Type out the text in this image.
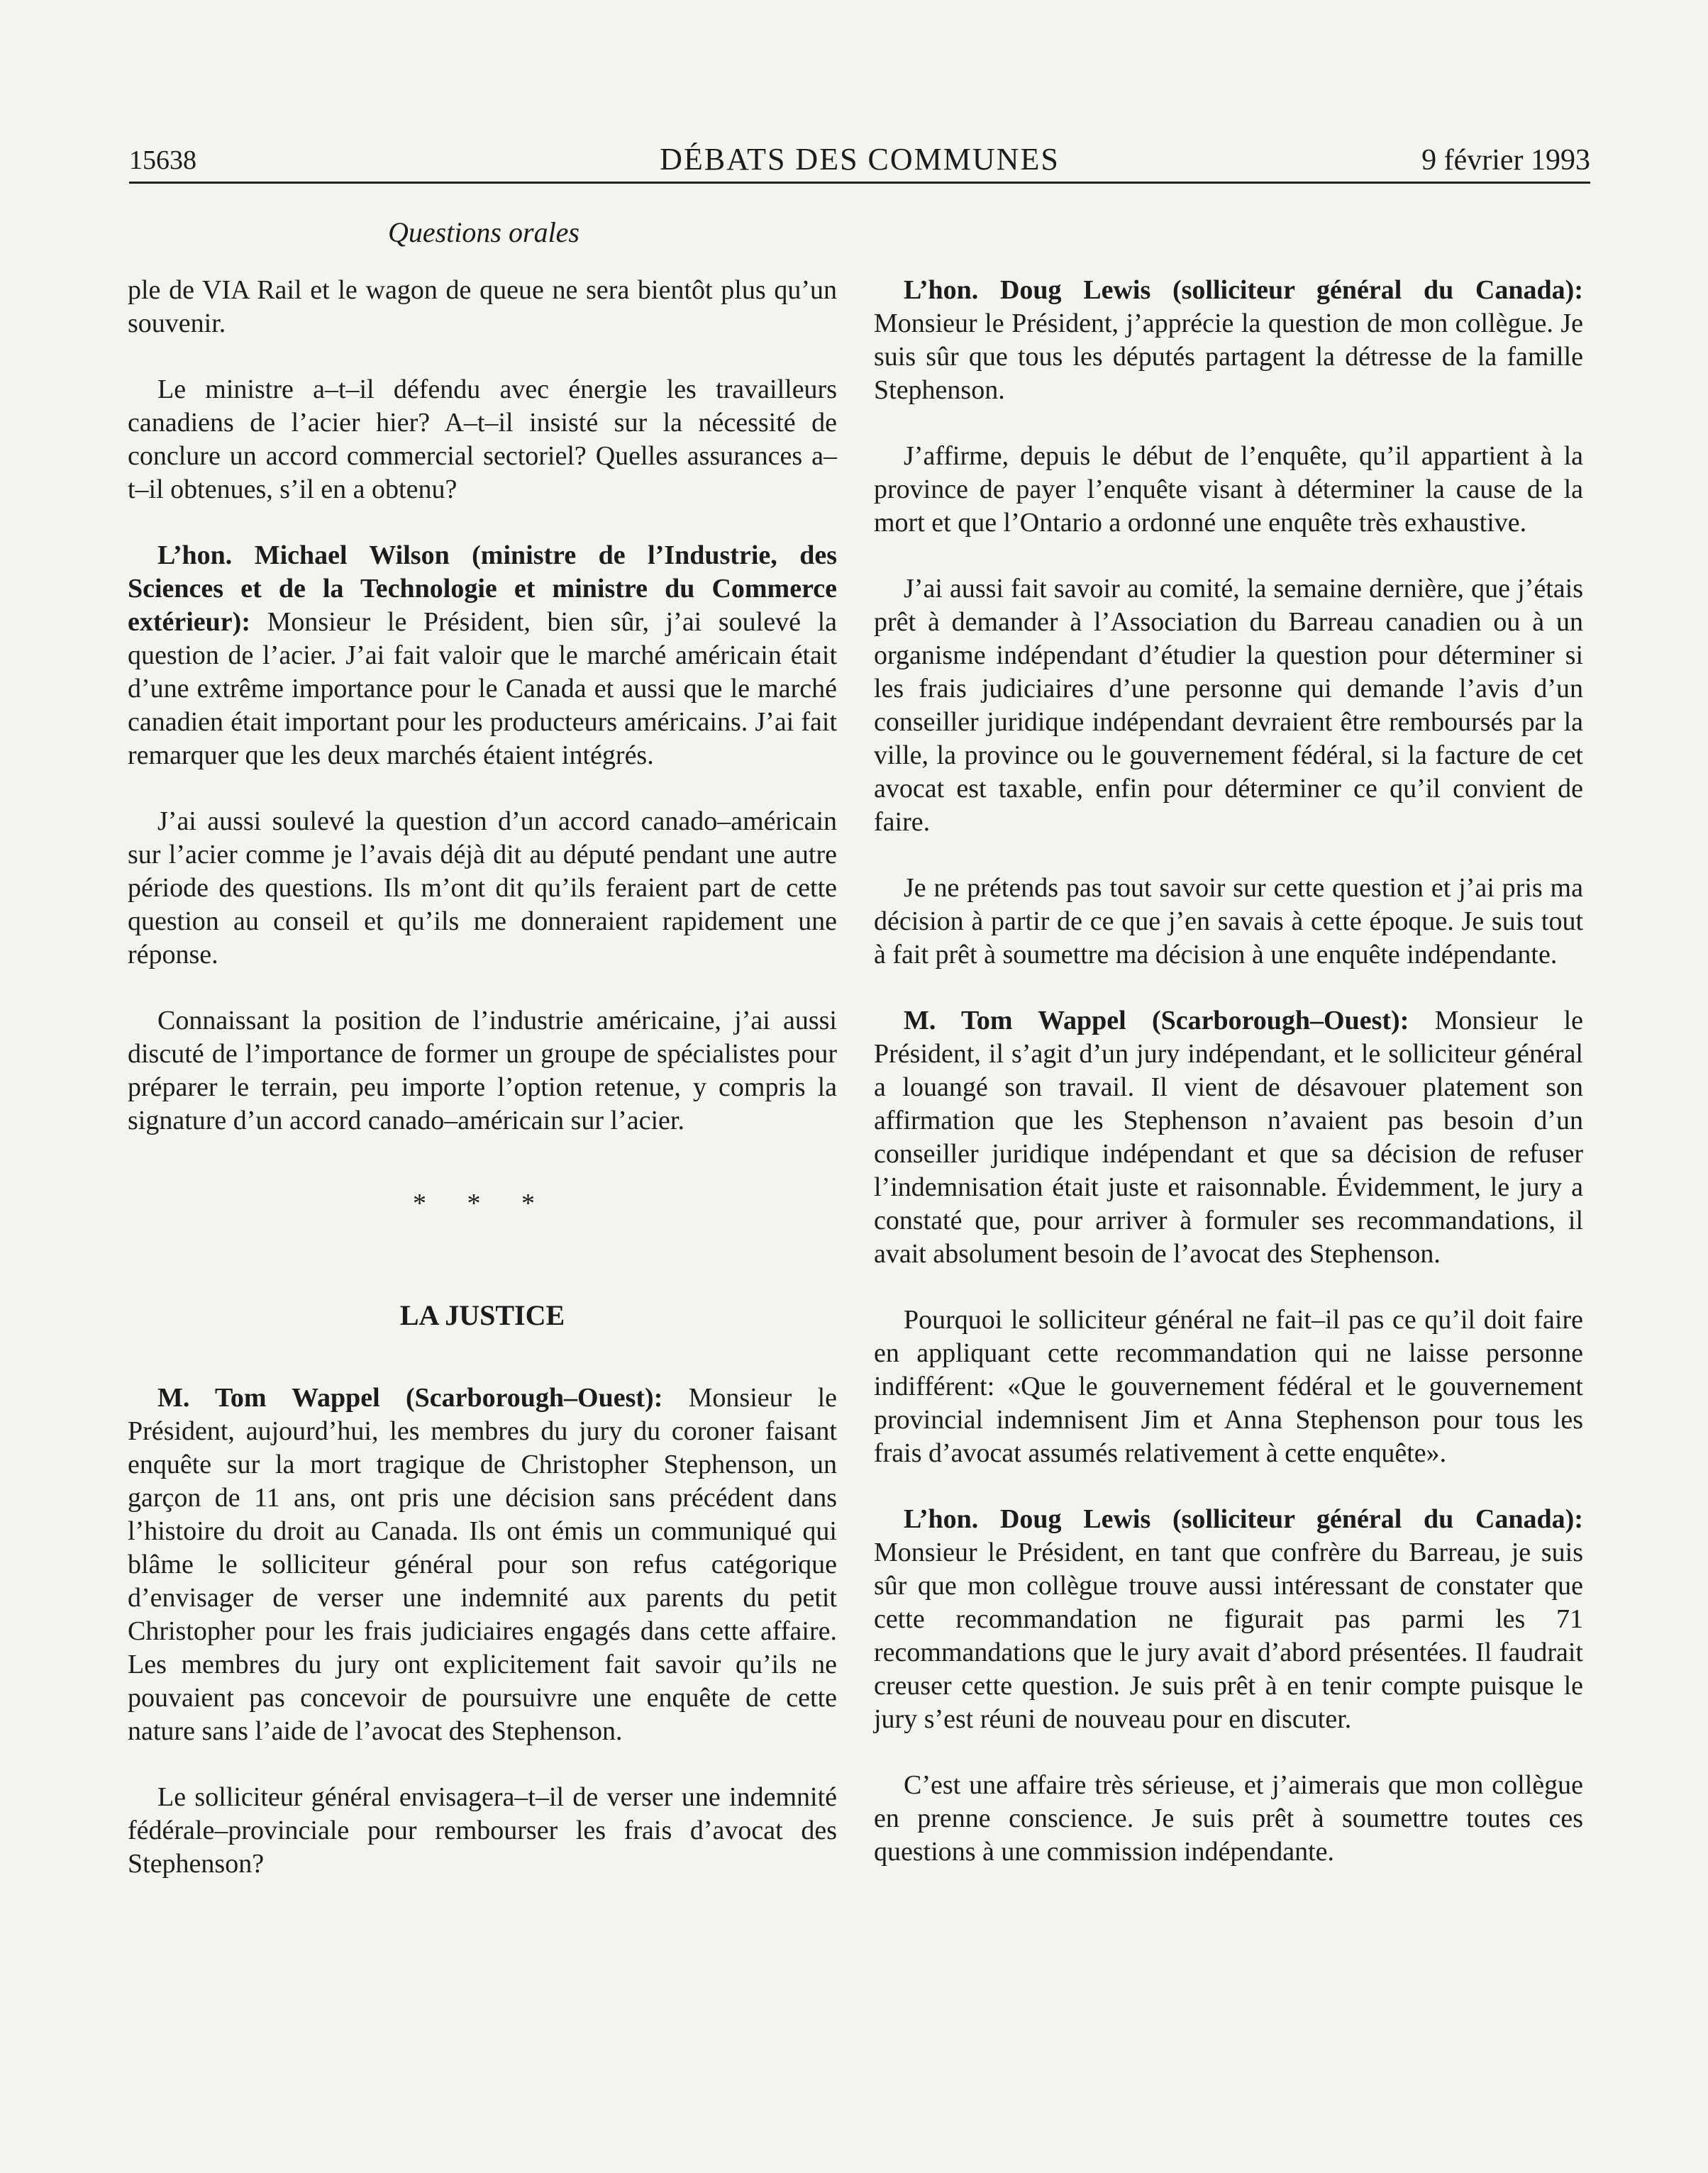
15638	DÉBATS DES COMMUNES	9 février 1993
Questions orales

ple de VIA Rail et le wagon de queue ne sera bientôt plus qu’un souvenir.

Le ministre a–t–il défendu avec énergie les travailleurs canadiens de l’acier hier? A–t–il insisté sur la nécessité de conclure un accord commercial sectoriel? Quelles assurances a–t–il obtenues, s’il en a obtenu?

L’hon. Michael Wilson (ministre de l’Industrie, des Sciences et de la Technologie et ministre du Commerce extérieur): Monsieur le Président, bien sûr, j’ai soulevé la question de l’acier. J’ai fait valoir que le marché américain était d’une extrême importance pour le Canada et aussi que le marché canadien était important pour les producteurs américains. J’ai fait remarquer que les deux marchés étaient intégrés.

J’ai aussi soulevé la question d’un accord canado–américain sur l’acier comme je l’avais déjà dit au député pendant une autre période des questions. Ils m’ont dit qu’ils feraient part de cette question au conseil et qu’ils me donneraient rapidement une réponse.

Connaissant la position de l’industrie américaine, j’ai aussi discuté de l’importance de former un groupe de spécialistes pour préparer le terrain, peu importe l’option retenue, y compris la signature d’un accord canado–américain sur l’acier.

* * *
LA JUSTICE

M. Tom Wappel (Scarborough–Ouest): Monsieur le Président, aujourd’hui, les membres du jury du coroner faisant enquête sur la mort tragique de Christopher Stephenson, un garçon de 11 ans, ont pris une décision sans précédent dans l’histoire du droit au Canada. Ils ont émis un communiqué qui blâme le solliciteur général pour son refus catégorique d’envisager de verser une indemnité aux parents du petit Christopher pour les frais judiciaires engagés dans cette affaire. Les membres du jury ont explicitement fait savoir qu’ils ne pouvaient pas concevoir de poursuivre une enquête de cette nature sans l’aide de l’avocat des Stephenson.

Le solliciteur général envisagera–t–il de verser une indemnité fédérale–provinciale pour rembourser les frais d’avocat des Stephenson?

L’hon. Doug Lewis (solliciteur général du Canada): Monsieur le Président, j’apprécie la question de mon collègue. Je suis sûr que tous les députés partagent la détresse de la famille Stephenson.

J’affirme, depuis le début de l’enquête, qu’il appartient à la province de payer l’enquête visant à déterminer la cause de la mort et que l’Ontario a ordonné une enquête très exhaustive.

J’ai aussi fait savoir au comité, la semaine dernière, que j’étais prêt à demander à l’Association du Barreau canadien ou à un organisme indépendant d’étudier la question pour déterminer si les frais judiciaires d’une personne qui demande l’avis d’un conseiller juridique indépendant devraient être remboursés par la ville, la province ou le gouvernement fédéral, si la facture de cet avocat est taxable, enfin pour déterminer ce qu’il convient de faire.

Je ne prétends pas tout savoir sur cette question et j’ai pris ma décision à partir de ce que j’en savais à cette époque. Je suis tout à fait prêt à soumettre ma décision à une enquête indépendante.

M. Tom Wappel (Scarborough–Ouest): Monsieur le Président, il s’agit d’un jury indépendant, et le solliciteur général a louangé son travail. Il vient de désavouer platement son affirmation que les Stephenson n’avaient pas besoin d’un conseiller juridique indépendant et que sa décision de refuser l’indemnisation était juste et raisonnable. Évidemment, le jury a constaté que, pour arriver à formuler ses recommandations, il avait absolument besoin de l’avocat des Stephenson.

Pourquoi le solliciteur général ne fait–il pas ce qu’il doit faire en appliquant cette recommandation qui ne laisse personne indifférent: «Que le gouvernement fédéral et le gouvernement provincial indemnisent Jim et Anna Stephenson pour tous les frais d’avocat assumés relativement à cette enquête».

L’hon. Doug Lewis (solliciteur général du Canada): Monsieur le Président, en tant que confrère du Barreau, je suis sûr que mon collègue trouve aussi intéressant de constater que cette recommandation ne figurait pas parmi les 71 recommandations que le jury avait d’abord présentées. Il faudrait creuser cette question. Je suis prêt à en tenir compte puisque le jury s’est réuni de nouveau pour en discuter.

C’est une affaire très sérieuse, et j’aimerais que mon collègue en prenne conscience. Je suis prêt à soumettre toutes ces questions à une commission indépendante.
